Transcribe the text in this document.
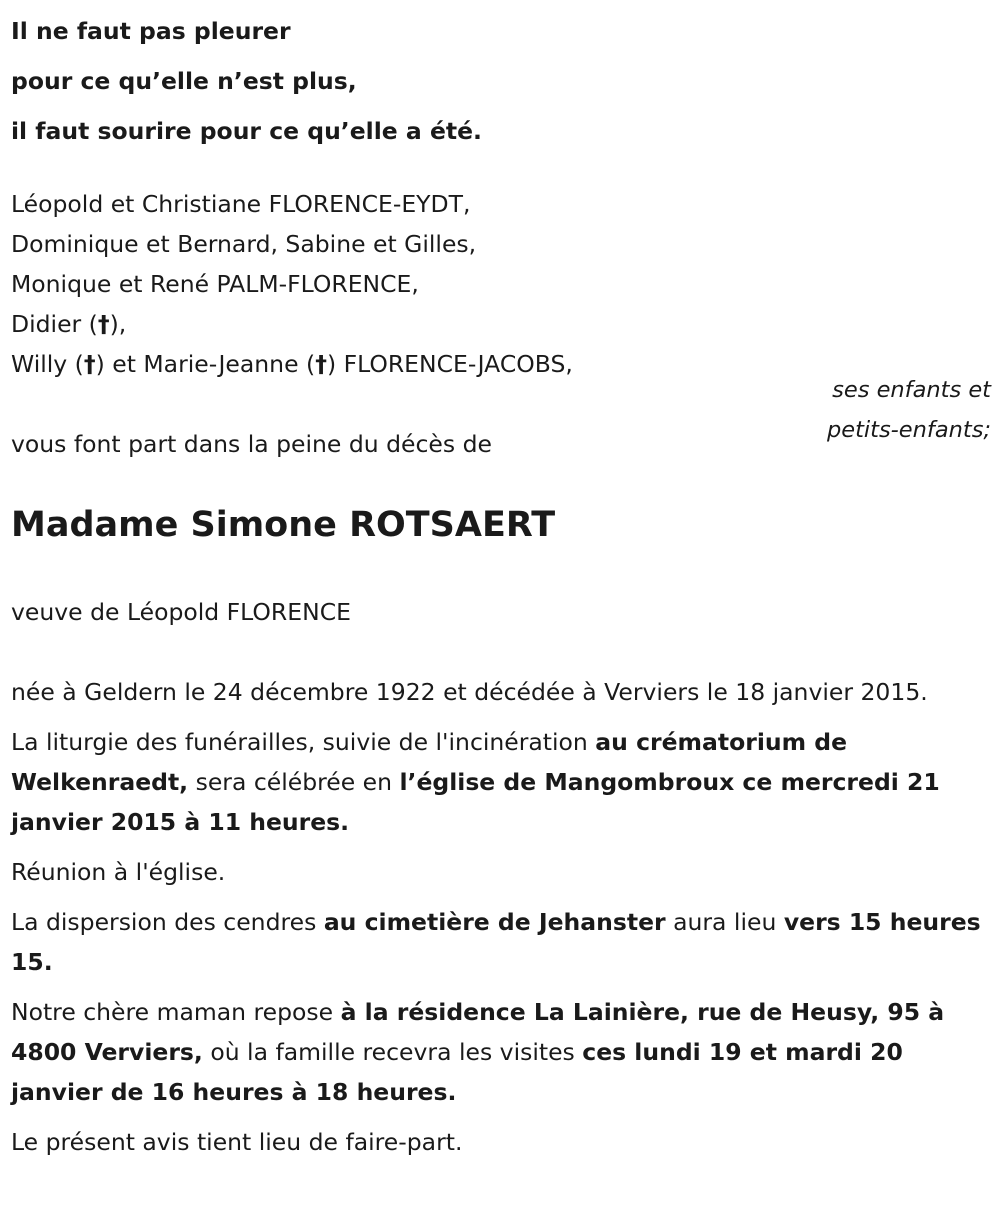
Il ne faut pas pleurer
pour ce qu’elle n’est plus,
il faut sourire pour ce qu’elle a été.
Léopold et Christiane FLORENCE-EYDT,
Dominique et Bernard, Sabine et Gilles,
Monique et René PALM-FLORENCE,
Didier (†),
Willy (†) et Marie-Jeanne (†) FLORENCE-JACOBS,
ses enfants et
petits-enfants;
vous font part dans la peine du décès de
Madame Simone ROTSAERT
veuve de Léopold FLORENCE

née à Geldern le 24 décembre 1922 et décédée à Verviers le 18 janvier 2015.

La liturgie des funérailles, suivie de l'incinération au crématorium de Welkenraedt, sera célébrée en l’église de Mangombroux ce mercredi 21 janvier 2015 à 11 heures.

Réunion à l'église.

La dispersion des cendres au cimetière de Jehanster aura lieu vers 15 heures 15.

Notre chère maman repose à la résidence La Lainière, rue de Heusy, 95 à 4800 Verviers, où la famille recevra les visites ces lundi 19 et mardi 20 janvier de 16 heures à 18 heures.

Le présent avis tient lieu de faire-part.
